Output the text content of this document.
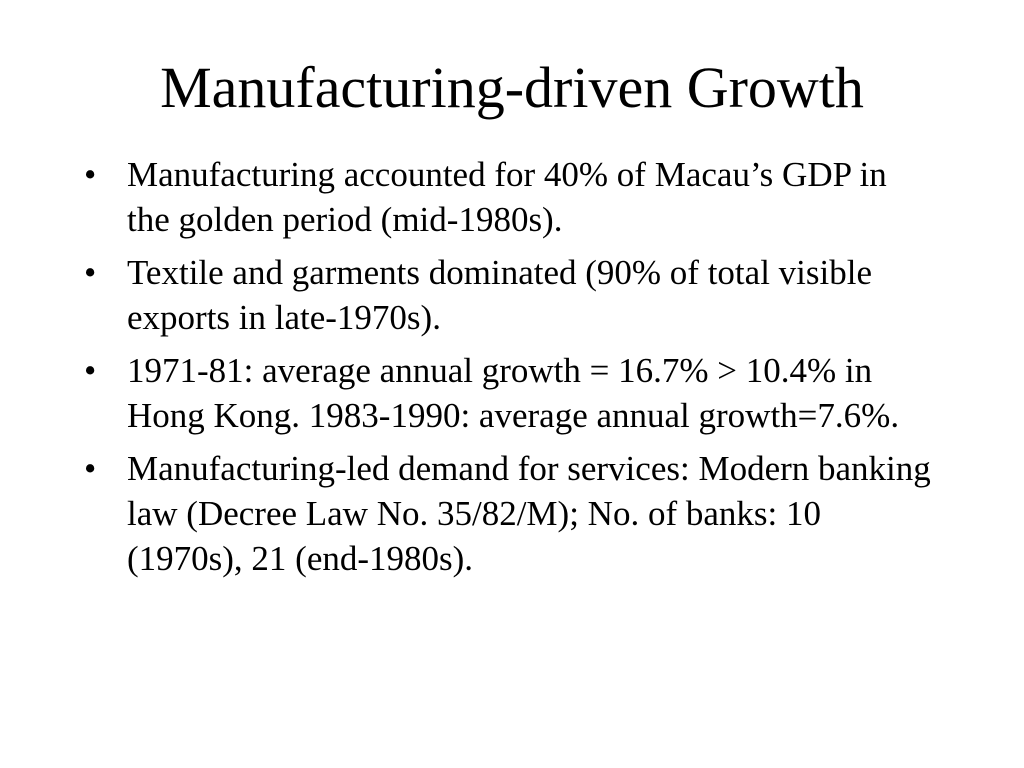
Manufacturing-driven Growth
• Manufacturing accounted for 40% of Macau’s GDP in the golden period (mid-1980s).
• Textile and garments dominated (90% of total visible exports in late-1970s).
• 1971-81: average annual growth = 16.7% > 10.4% in Hong Kong. 1983-1990: average annual growth=7.6%.
• Manufacturing-led demand for services: Modern banking law (Decree Law No. 35/82/M); No. of banks: 10 (1970s), 21 (end-1980s).
